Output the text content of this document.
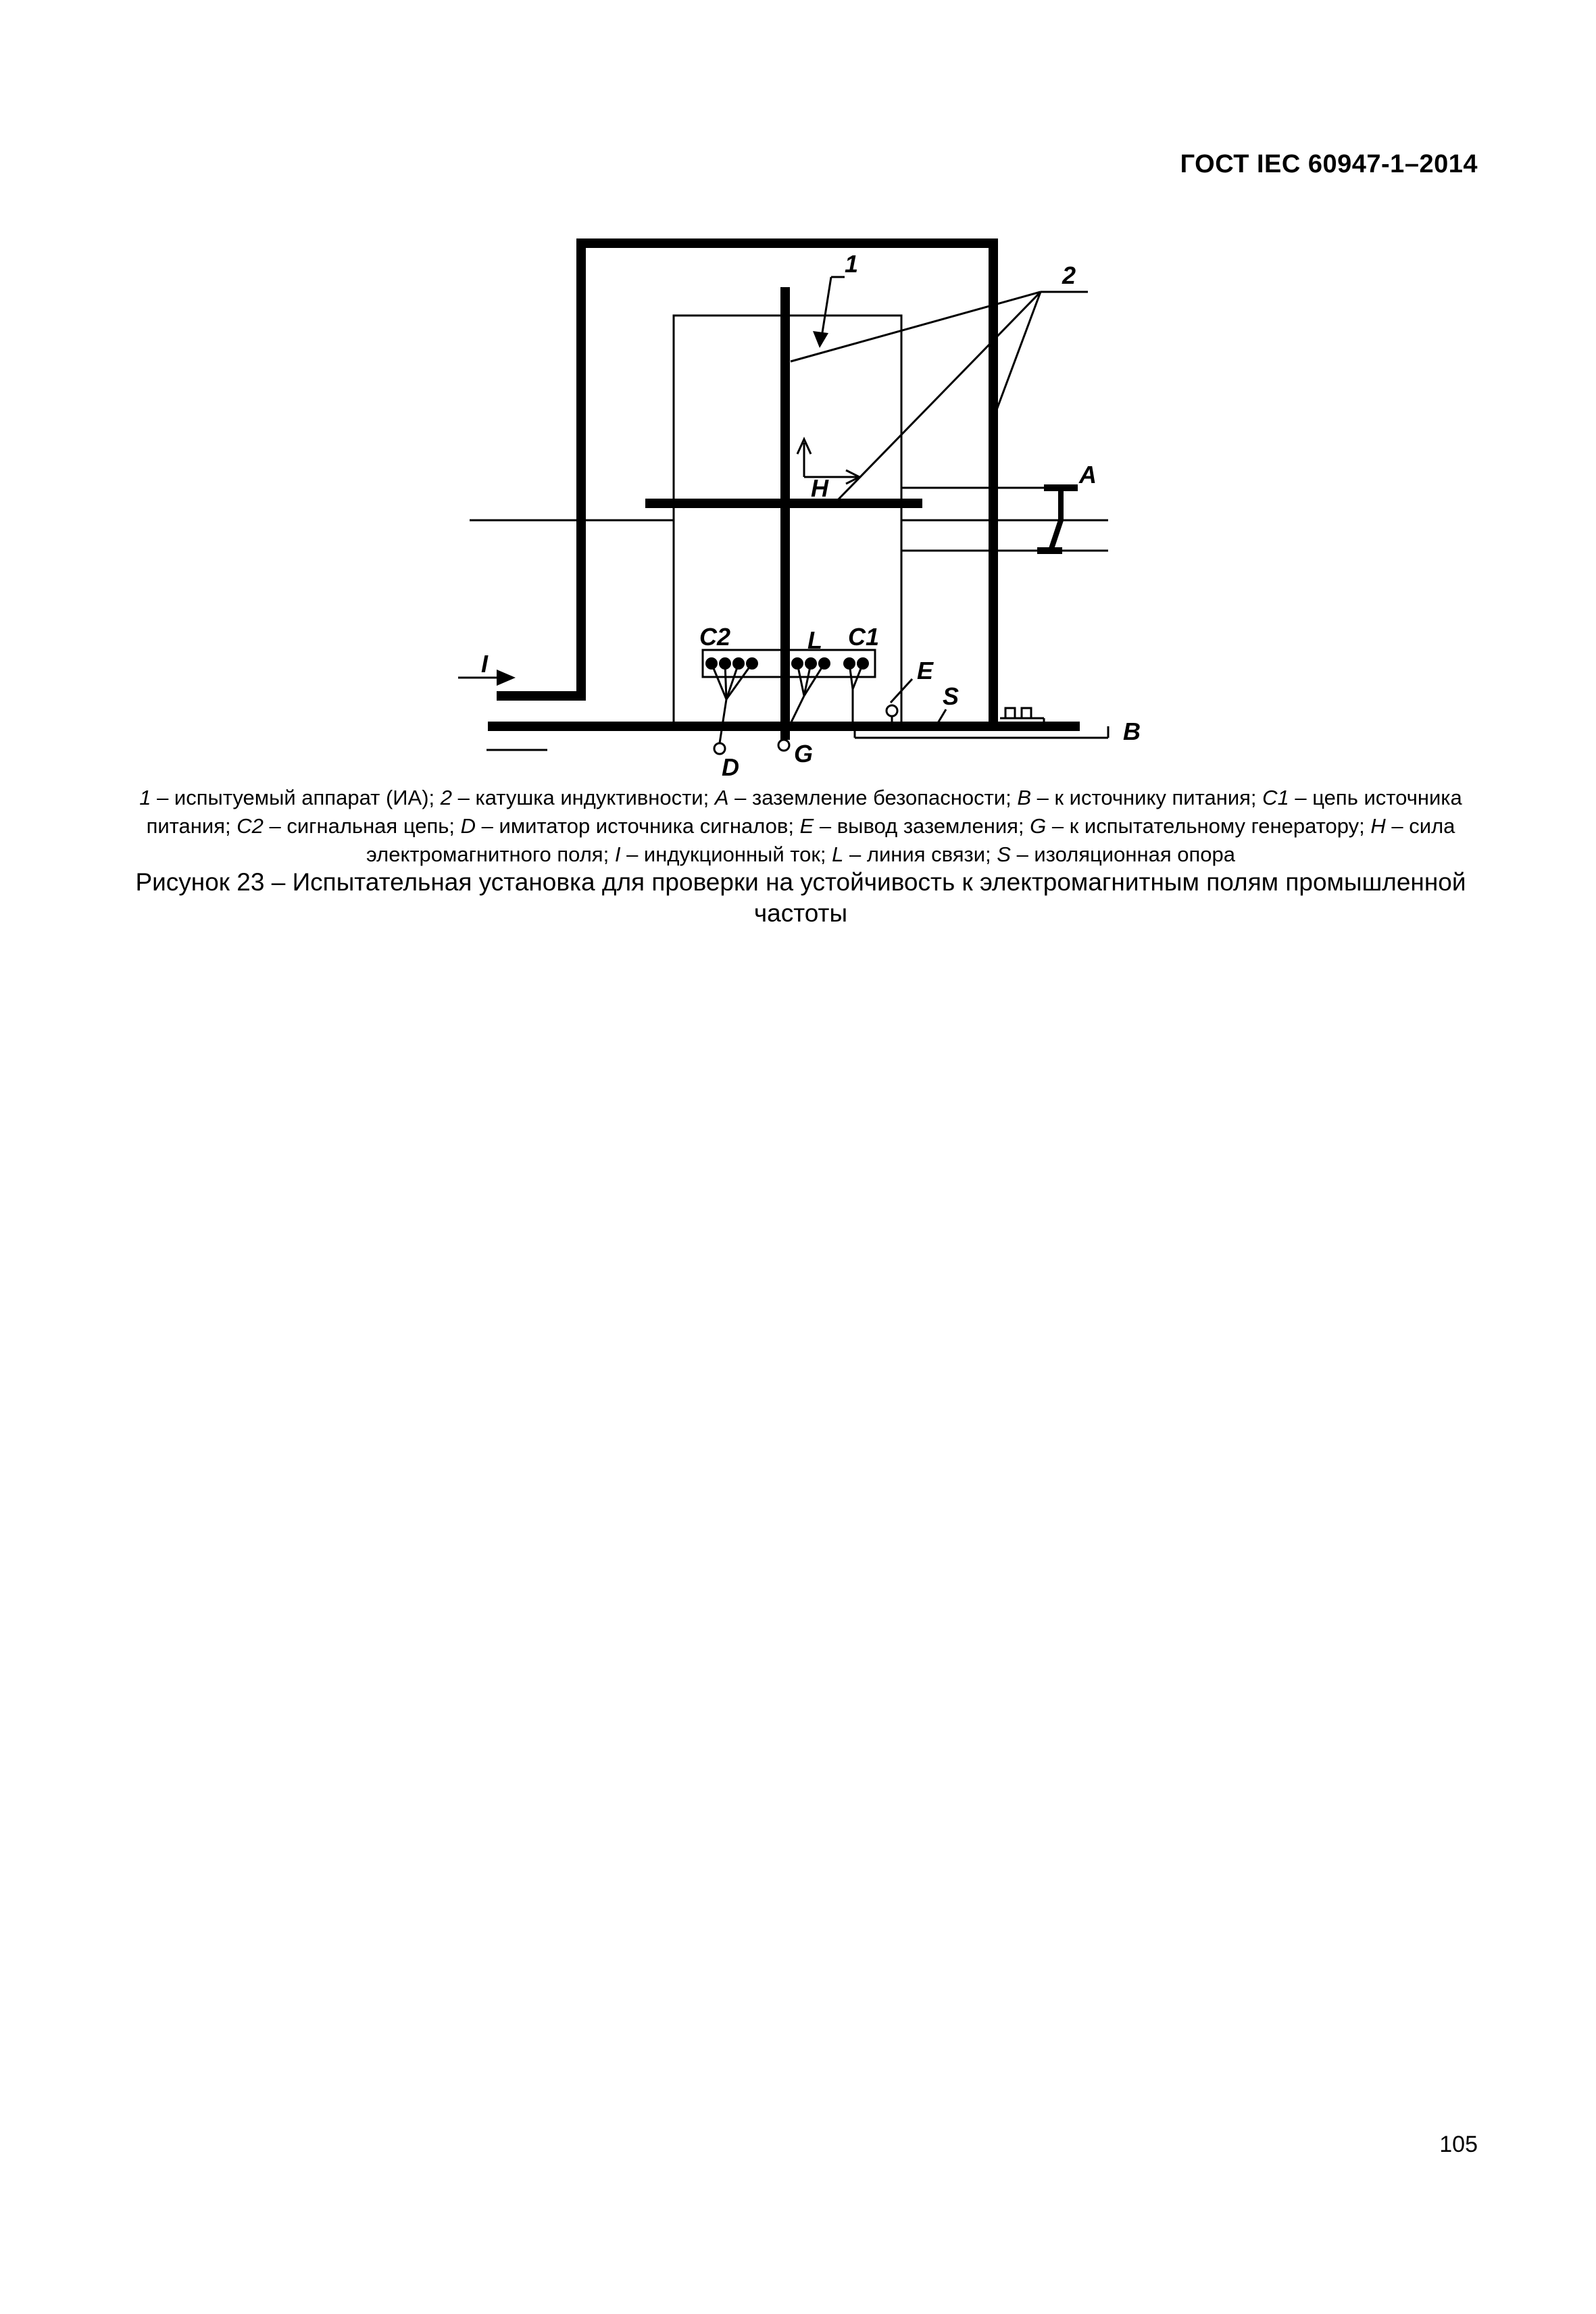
ГОСТ IEC 60947-1–2014
1	2
A
H
I
C2	L C1
E
S
B
D G
1 – испытуемый аппарат (ИА); 2 – катушка индуктивности; A – заземление безопасности; B – к источнику питания; C1 – цепь источника питания; C2 – сигнальная цепь; D – имитатор источника сигналов; E – вывод заземления; G – к испытательному генератору; H – сила электромагнитного поля; I – индукционный ток; L – линия связи; S – изоляционная опора
Рисунок 23 – Испытательная установка для проверки на устойчивость к электромагнитным полям промышленной частоты
105
